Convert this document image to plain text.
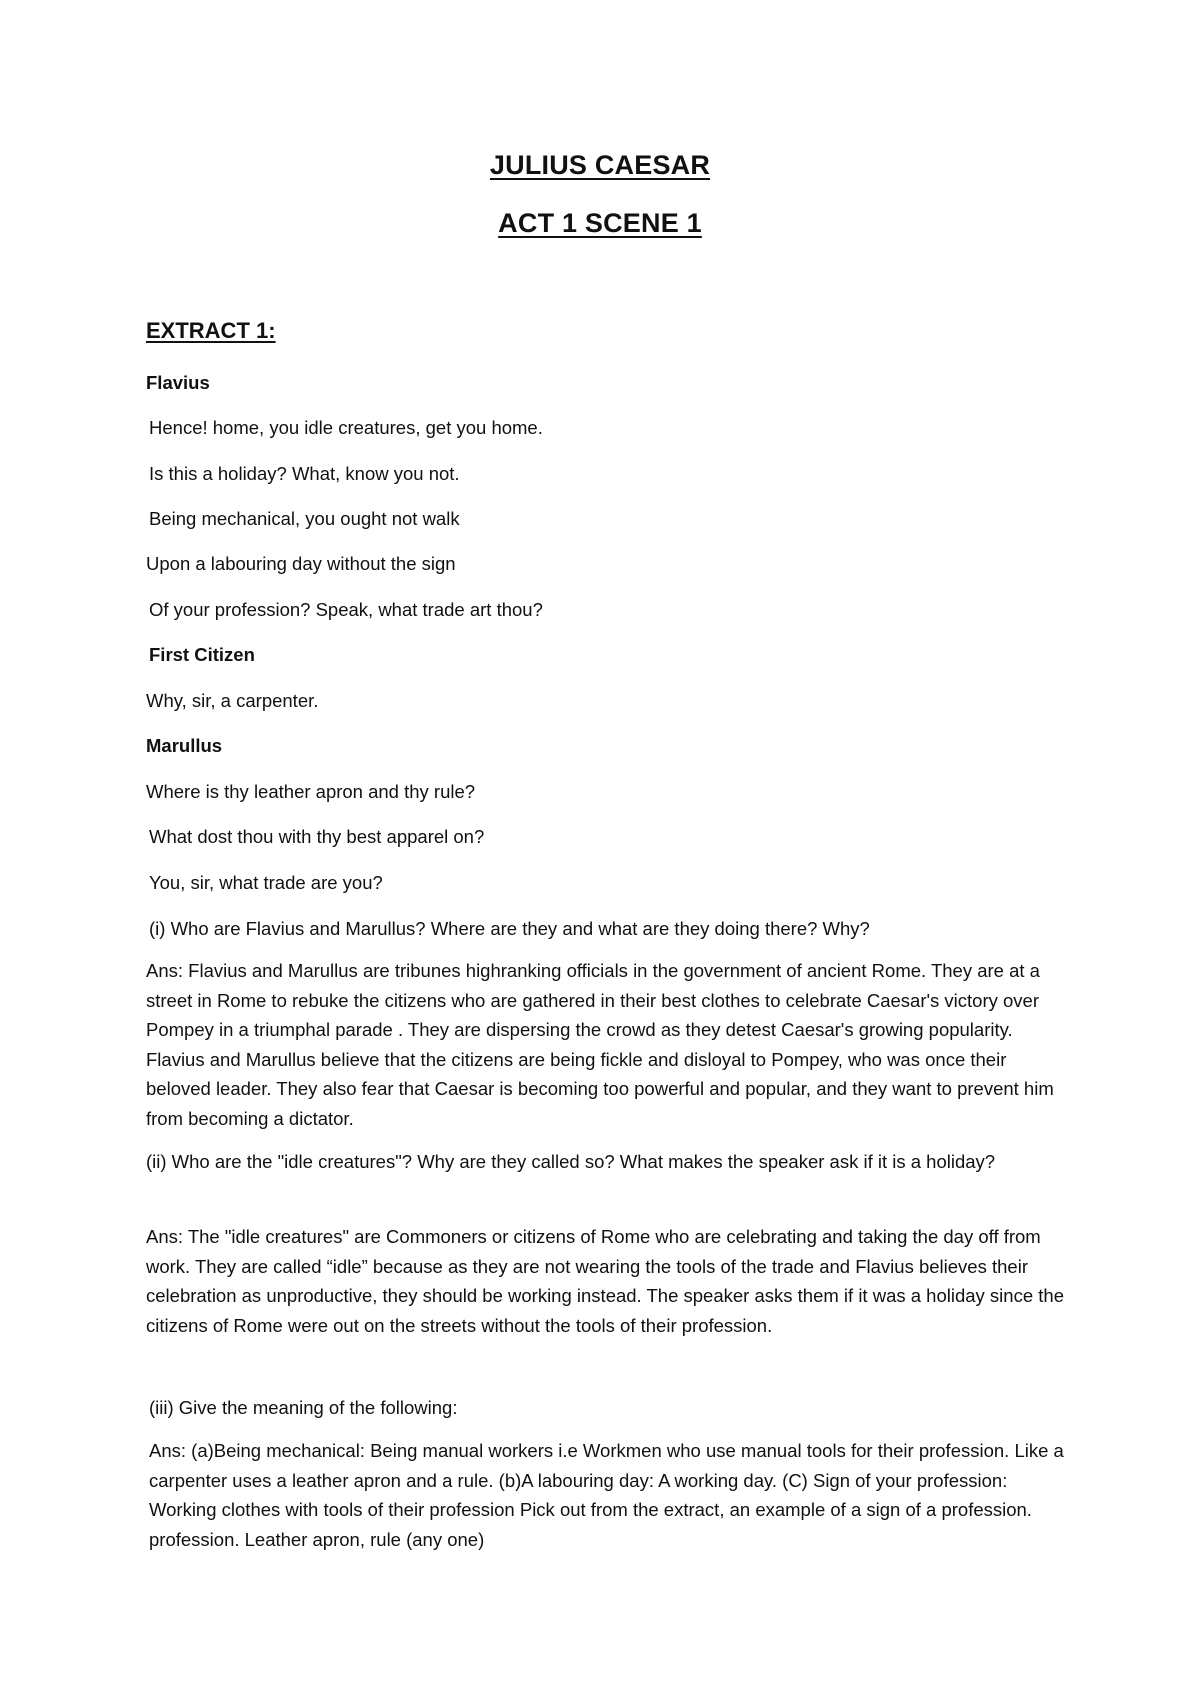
JULIUS CAESAR
ACT 1 SCENE 1
EXTRACT 1:
Flavius
Hence! home, you idle creatures, get you home.
Is this a holiday? What, know you not.
Being mechanical, you ought not walk
Upon a labouring day without the sign
Of your profession? Speak, what trade art thou?
First Citizen
Why, sir, a carpenter.
Marullus
Where is thy leather apron and thy rule?
What dost thou with thy best apparel on?
You, sir, what trade are you?
(i) Who are Flavius and Marullus? Where are they and what are they doing there? Why?
Ans: Flavius and Marullus are tribunes highranking officials in the government of ancient Rome. They are at a street in Rome to rebuke the citizens who are gathered in their best clothes to celebrate Caesar's victory over Pompey in a triumphal parade . They are dispersing the crowd as they detest Caesar's growing popularity. Flavius and Marullus believe that the citizens are being fickle and disloyal to Pompey, who was once their beloved leader. They also fear that Caesar is becoming too powerful and popular, and they want to prevent him from becoming a dictator.
(ii) Who are the "idle creatures"? Why are they called so? What makes the speaker ask if it is a holiday?
Ans: The "idle creatures" are Commoners or citizens of Rome who are celebrating and taking the day off from work. They are called “idle” because as they are not wearing the tools of the trade and Flavius believes their celebration as unproductive, they should be working instead. The speaker asks them if it was a holiday since the citizens of Rome were out on the streets without the tools of their profession.
(iii) Give the meaning of the following:
Ans: (a)Being mechanical: Being manual workers i.e Workmen who use manual tools for their profession. Like a carpenter uses a leather apron and a rule. (b)A labouring day: A working day. (C) Sign of your profession: Working clothes with tools of their profession Pick out from the extract, an example of a sign of a profession. profession. Leather apron, rule (any one)
